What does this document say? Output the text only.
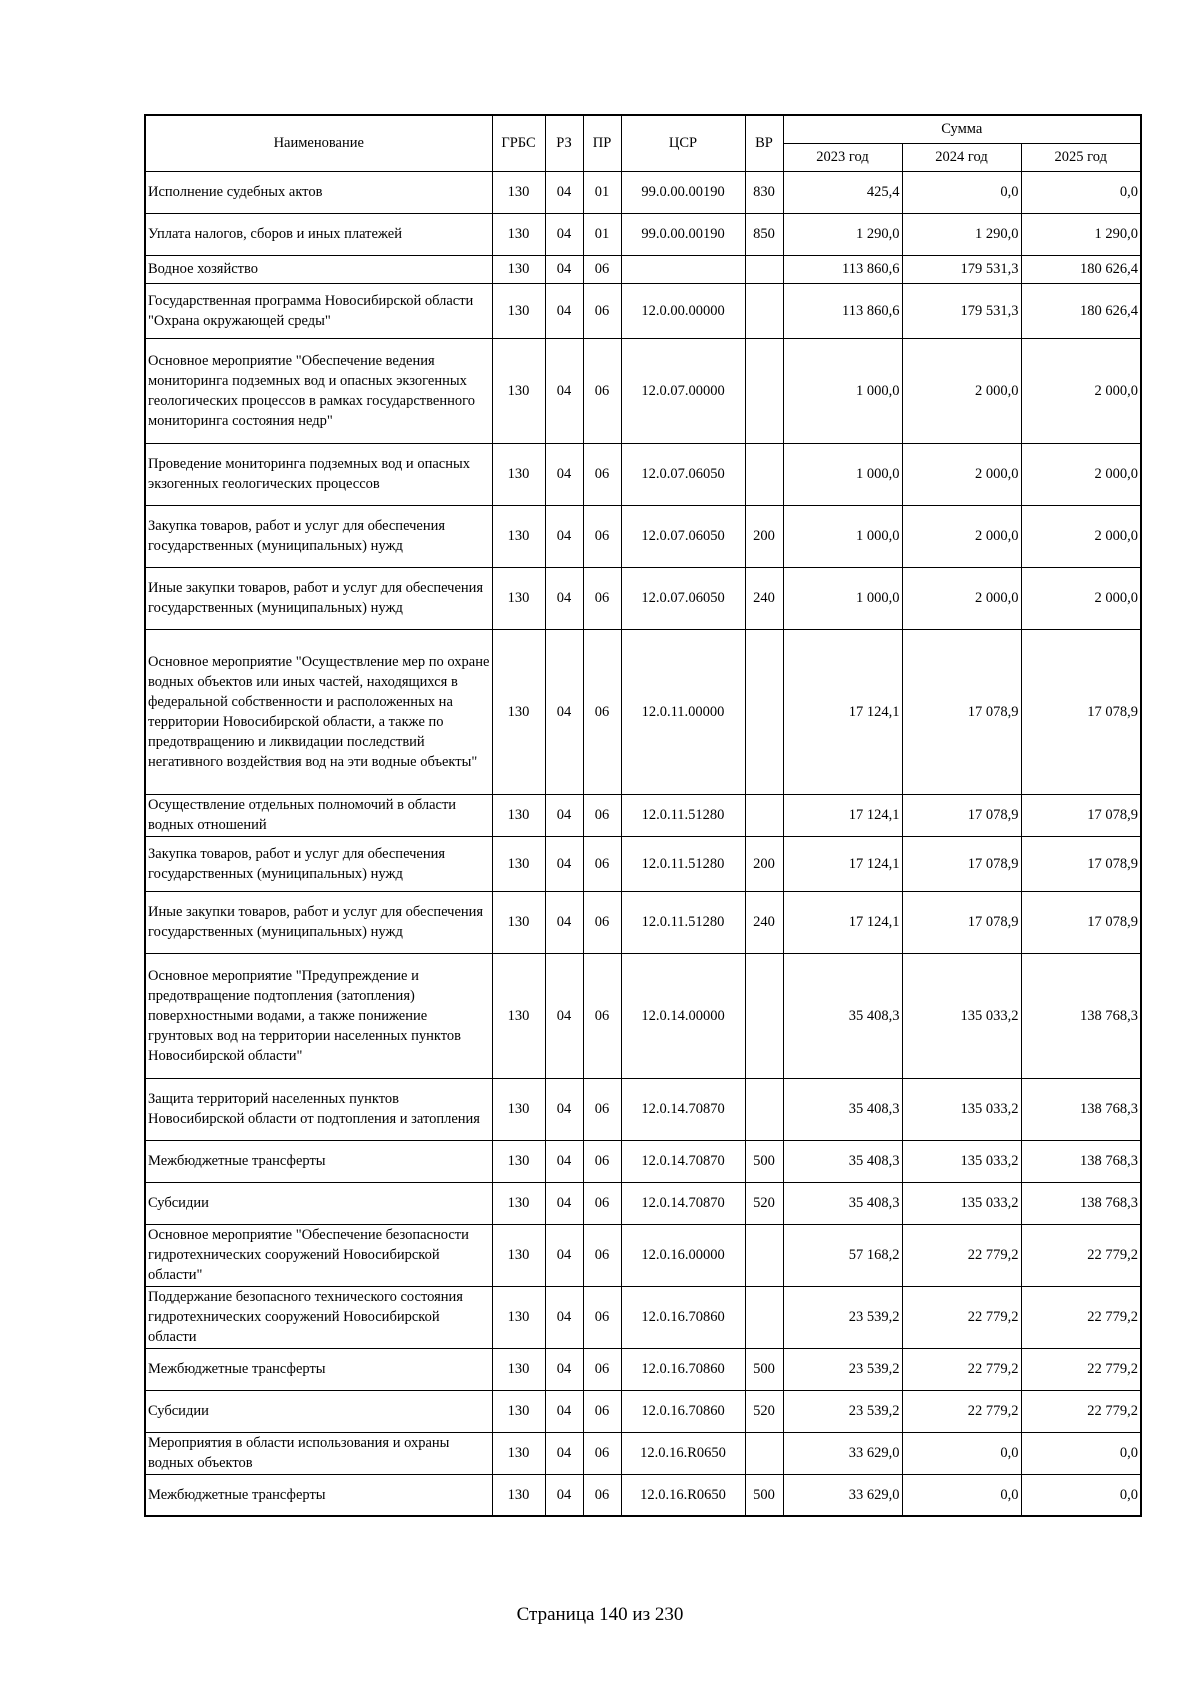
Наименование	ГРБС	РЗ	ПР	ЦСР	ВР	Сумма		
						2023 год	2024 год	2025 год
Исполнение судебных актов	130	04	01	99.0.00.00190	830	425,4	0,0	0,0
Уплата налогов, сборов и иных платежей	130	04	01	99.0.00.00190	850	1 290,0	1 290,0	1 290,0
Водное хозяйство	130	04	06			113 860,6	179 531,3	180 626,4
Государственная программа Новосибирской области "Охрана окружающей среды"	130	04	06	12.0.00.00000		113 860,6	179 531,3	180 626,4
Основное мероприятие "Обеспечение ведения мониторинга подземных вод и опасных экзогенных геологических процессов в рамках государственного мониторинга состояния недр"	130	04	06	12.0.07.00000		1 000,0	2 000,0	2 000,0
Проведение мониторинга подземных вод и опасных экзогенных геологических процессов	130	04	06	12.0.07.06050		1 000,0	2 000,0	2 000,0
Закупка товаров, работ и услуг для обеспечения государственных (муниципальных) нужд	130	04	06	12.0.07.06050	200	1 000,0	2 000,0	2 000,0
Иные закупки товаров, работ и услуг для обеспечения государственных (муниципальных) нужд	130	04	06	12.0.07.06050	240	1 000,0	2 000,0	2 000,0
Основное мероприятие "Осуществление мер по охране водных объектов или иных частей, находящихся в федеральной собственности и расположенных на территории Новосибирской области, а также по предотвращению и ликвидации последствий негативного воздействия вод на эти водные объекты"	130	04	06	12.0.11.00000		17 124,1	17 078,9	17 078,9
Осуществление отдельных полномочий в области водных отношений	130	04	06	12.0.11.51280		17 124,1	17 078,9	17 078,9
Закупка товаров, работ и услуг для обеспечения государственных (муниципальных) нужд	130	04	06	12.0.11.51280	200	17 124,1	17 078,9	17 078,9
Иные закупки товаров, работ и услуг для обеспечения государственных (муниципальных) нужд	130	04	06	12.0.11.51280	240	17 124,1	17 078,9	17 078,9
Основное мероприятие "Предупреждение и предотвращение подтопления (затопления) поверхностными водами, а также понижение грунтовых вод на территории населенных пунктов Новосибирской области"	130	04	06	12.0.14.00000		35 408,3	135 033,2	138 768,3
Защита территорий населенных пунктов Новосибирской области от подтопления и затопления	130	04	06	12.0.14.70870		35 408,3	135 033,2	138 768,3
Межбюджетные трансферты	130	04	06	12.0.14.70870	500	35 408,3	135 033,2	138 768,3
Субсидии	130	04	06	12.0.14.70870	520	35 408,3	135 033,2	138 768,3
Основное мероприятие "Обеспечение безопасности гидротехнических сооружений Новосибирской области"	130	04	06	12.0.16.00000		57 168,2	22 779,2	22 779,2
Поддержание безопасного технического состояния гидротехнических сооружений Новосибирской области	130	04	06	12.0.16.70860		23 539,2	22 779,2	22 779,2
Межбюджетные трансферты	130	04	06	12.0.16.70860	500	23 539,2	22 779,2	22 779,2
Субсидии	130	04	06	12.0.16.70860	520	23 539,2	22 779,2	22 779,2
Мероприятия в области использования и охраны водных объектов	130	04	06	12.0.16.R0650		33 629,0	0,0	0,0
Межбюджетные трансферты	130	04	06	12.0.16.R0650	500	33 629,0	0,0	0,0
Страница 140 из 230
